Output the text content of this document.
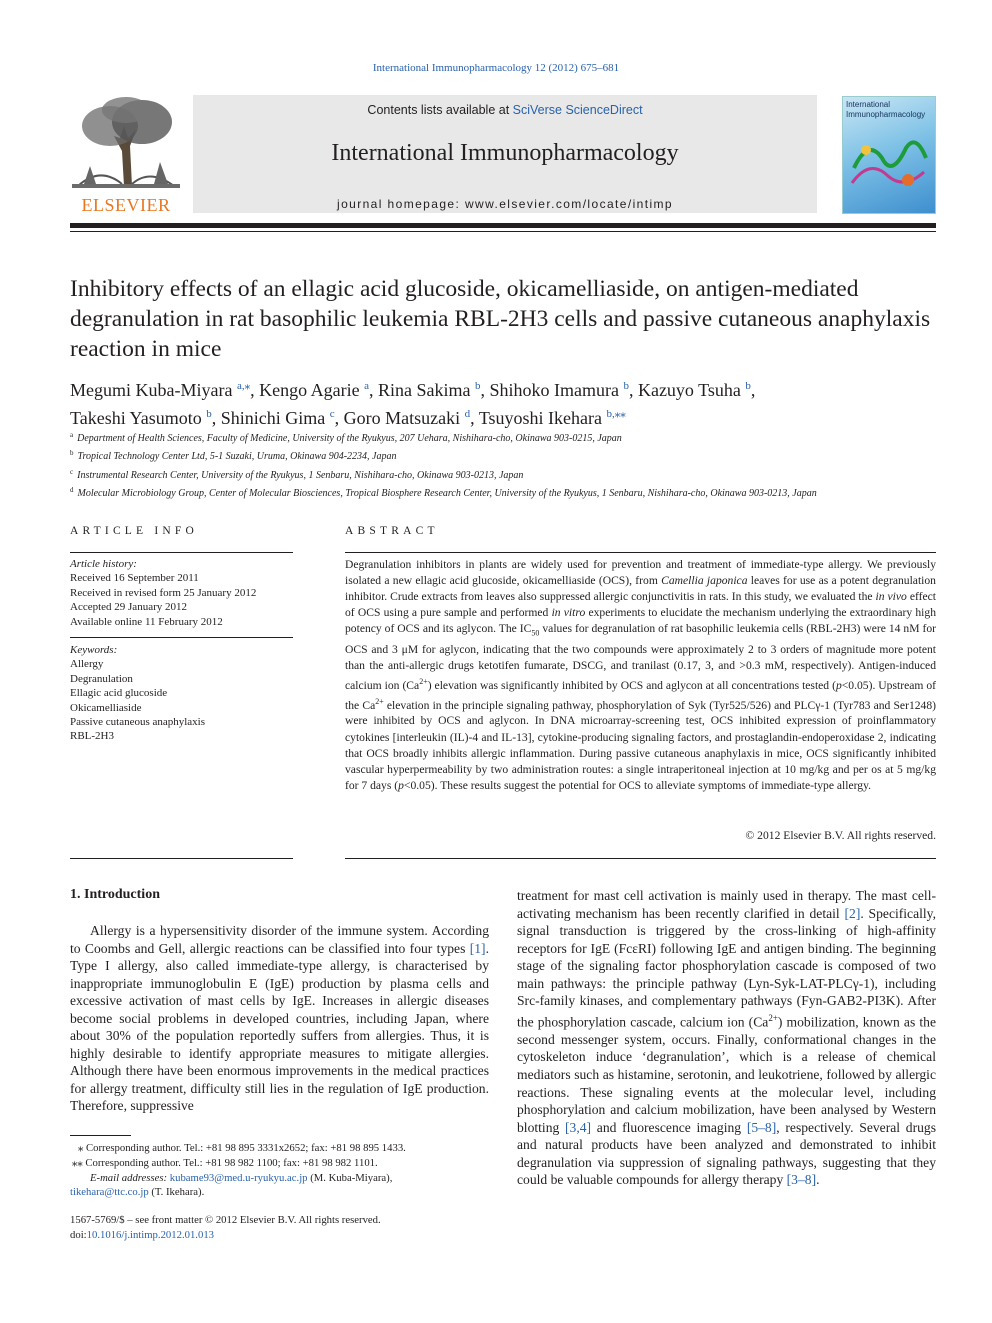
International Immunopharmacology 12 (2012) 675–681
ELSEVIER
Contents lists available at SciVerse ScienceDirect
International Immunopharmacology
journal homepage: www.elsevier.com/locate/intimp
International Immunopharmacology
Inhibitory effects of an ellagic acid glucoside, okicamelliaside, on antigen-mediated degranulation in rat basophilic leukemia RBL-2H3 cells and passive cutaneous anaphylaxis reaction in mice
Megumi Kuba-Miyara $^{a,⁎}$, Kengo Agarie $^a$, Rina Sakima $^b$, Shihoko Imamura $^b$, Kazuyo Tsuha $^b$,
Takeshi Yasumoto $^b$, Shinichi Gima $^c$, Goro Matsuzaki $^d$, Tsuyoshi Ikehara $^{b,⁎⁎}$
$^a$ Department of Health Sciences, Faculty of Medicine, University of the Ryukyus, 207 Uehara, Nishihara-cho, Okinawa 903-0215, Japan
$^b$ Tropical Technology Center Ltd, 5-1 Suzaki, Uruma, Okinawa 904-2234, Japan
$^c$ Instrumental Research Center, University of the Ryukyus, 1 Senbaru, Nishihara-cho, Okinawa 903-0213, Japan
$^d$ Molecular Microbiology Group, Center of Molecular Biosciences, Tropical Biosphere Research Center, University of the Ryukyus, 1 Senbaru, Nishihara-cho, Okinawa 903-0213, Japan
ARTICLE INFO	ABSTRACT
Article history:
Received 16 September 2011
Received in revised form 25 January 2012
Accepted 29 January 2012
Available online 11 February 2012
Keywords:
Allergy
Degranulation
Ellagic acid glucoside
Okicamelliaside
Passive cutaneous anaphylaxis
RBL-2H3
Degranulation inhibitors in plants are widely used for prevention and treatment of immediate-type allergy. We previously isolated a new ellagic acid glucoside, okicamelliaside (OCS), from Camellia japonica leaves for use as a potent degranulation inhibitor. Crude extracts from leaves also suppressed allergic conjunctivitis in rats. In this study, we evaluated the in vivo effect of OCS using a pure sample and performed in vitro experiments to elucidate the mechanism underlying the extraordinary high potency of OCS and its aglycon. The $IC_{50}$ values for degranulation of rat basophilic leukemia cells (RBL-2H3) were 14 nM for OCS and 3 μM for aglycon, indicating that the two compounds were approximately 2 to 3 orders of magnitude more potent than the anti-allergic drugs ketotifen fumarate, DSCG, and tranilast (0.17, 3, and >0.3 mM, respectively). Antigen-induced calcium ion $(Ca^{2+})$ elevation was significantly inhibited by OCS and aglycon at all concentrations tested (p<0.05). Upstream of the $Ca^{2+}$ elevation in the principle signaling pathway, phosphorylation of Syk (Tyr525/526) and PLCγ-1 (Tyr783 and Ser1248) were inhibited by OCS and aglycon. In DNA microarray-screening test, OCS inhibited expression of proinflammatory cytokines [interleukin (IL)-4 and IL-13], cytokine-producing signaling factors, and prostaglandin-endoperoxidase 2, indicating that OCS broadly inhibits allergic inflammation. During passive cutaneous anaphylaxis in mice, OCS significantly inhibited vascular hyperpermeability by two administration routes: a single intraperitoneal injection at 10 mg/kg and per os at 5 mg/kg for 7 days (p<0.05). These results suggest the potential for OCS to alleviate symptoms of immediate-type allergy.
© 2012 Elsevier B.V. All rights reserved.
1. Introduction
Allergy is a hypersensitivity disorder of the immune system. According to Coombs and Gell, allergic reactions can be classified into four types [1]. Type I allergy, also called immediate-type allergy, is characterised by inappropriate immunoglobulin E (IgE) production by plasma cells and excessive activation of mast cells by IgE. Increases in allergic diseases become social problems in developed countries, including Japan, where about 30% of the population reportedly suffers from allergies. Thus, it is highly desirable to identify appropriate measures to mitigate allergies. Although there have been enormous improvements in the medical practices for allergy treatment, difficulty still lies in the regulation of IgE production. Therefore, suppressive
treatment for mast cell activation is mainly used in therapy. The mast cell-activating mechanism has been recently clarified in detail [2]. Specifically, signal transduction is triggered by the cross-linking of high-affinity receptors for IgE (FcεRI) following IgE and antigen binding. The beginning stage of the signaling factor phosphorylation cascade is composed of two main pathways: the principle pathway (Lyn-Syk-LAT-PLCγ-1), including Src-family kinases, and complementary pathways (Fyn-GAB2-PI3K). After the phosphorylation cascade, calcium ion $(Ca^{2+})$ mobilization, known as the second messenger system, occurs. Finally, conformational changes in the cytoskeleton induce ‘degranulation’, which is a release of chemical mediators such as histamine, serotonin, and leukotriene, followed by allergic reactions. These signaling events at the molecular level, including phosphorylation and calcium mobilization, have been analysed by Western blotting [3,4] and fluorescence imaging [5–8], respectively. Several drugs and natural products have been analyzed and demonstrated to inhibit degranulation via suppression of signaling pathways, suggesting that they could be valuable compounds for allergy therapy [3–8].
⁎ Corresponding author. Tel.: +81 98 895 3331x2652; fax: +81 98 895 1433.
⁎⁎ Corresponding author. Tel.: +81 98 982 1100; fax: +81 98 982 1101.
E-mail addresses: kubame93@med.u-ryukyu.ac.jp (M. Kuba-Miyara),
tikehara@ttc.co.jp (T. Ikehara).
1567-5769/$ – see front matter © 2012 Elsevier B.V. All rights reserved.
doi:10.1016/j.intimp.2012.01.013
